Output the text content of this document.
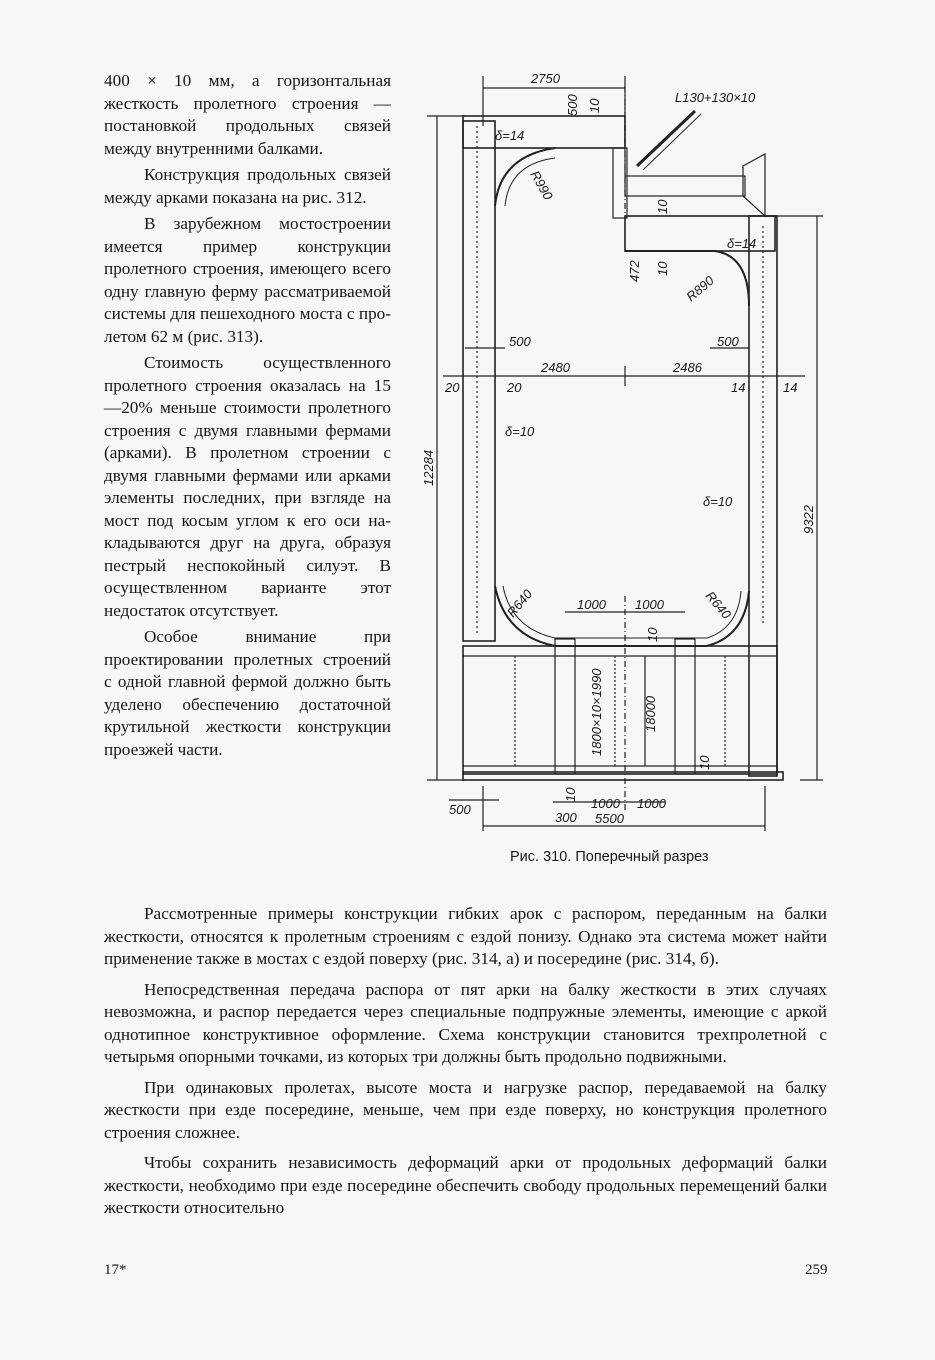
400 × 10 мм, а горизонтальная жесткость пролетного строения — постановкой продольных связей между внутренними балками.

Конструкция продольных связей между арками показана на рис. 312.

В зарубежном мостостроении имеется пример конструкции пролетного строения, имеющего всего одну главную ферму рассматриваемой системы для пешеходного моста с пролетом 62 м (рис. 313).

Стоимость осуществленного пролетного строения оказалась на 15—20% меньше стоимости пролетного строения с двумя главными фермами (арками). В пролетном строении с двумя главными фермами или арками элементы последних, при взгляде на мост под косым углом к его оси накладываются друг на друга, образуя пестрый неспокойный силуэт. В осуществленном варианте этот недостаток отсутствует.

Особое внимание при проектировании пролетных строений с одной главной фермой должно быть уделено обеспечению достаточной крутильной жесткости конструкции проезжей части.

2750
500 10
L130+130×10
δ=14
R990
10
10
472
δ=14
R890
500	500
2480	2486
20	20	14	14
δ=10
δ=10
12284
9322
R640	R640
1000 1000
10
1800×10×1990	18000
10
10
500	1000 1000
300 5500
Рис. 310. Поперечный разрез

Рассмотренные примеры конструкции гибких арок с распором, переданным на балки жесткости, относятся к пролетным строениям с ездой понизу. Однако эта система может найти применение также в мостах с ездой поверху (рис. 314, а) и посередине (рис. 314, б).

Непосредственная передача распора от пят арки на балку жесткости в этих случаях невозможна, и распор передается через специальные подпружные элементы, имеющие с аркой однотипное конструктивное оформление. Схема конструкции становится трехпролетной с четырьмя опорными точками, из которых три должны быть продольно подвижными.

При одинаковых пролетах, высоте моста и нагрузке распор, передаваемой на балку жесткости при езде посередине, меньше, чем при езде поверху, но конструкция пролетного строения сложнее.

Чтобы сохранить независимость деформаций арки от продольных деформаций балки жесткости, необходимо при езде посередине обеспечить свободу продольных перемещений балки жесткости относительно

17*	259
